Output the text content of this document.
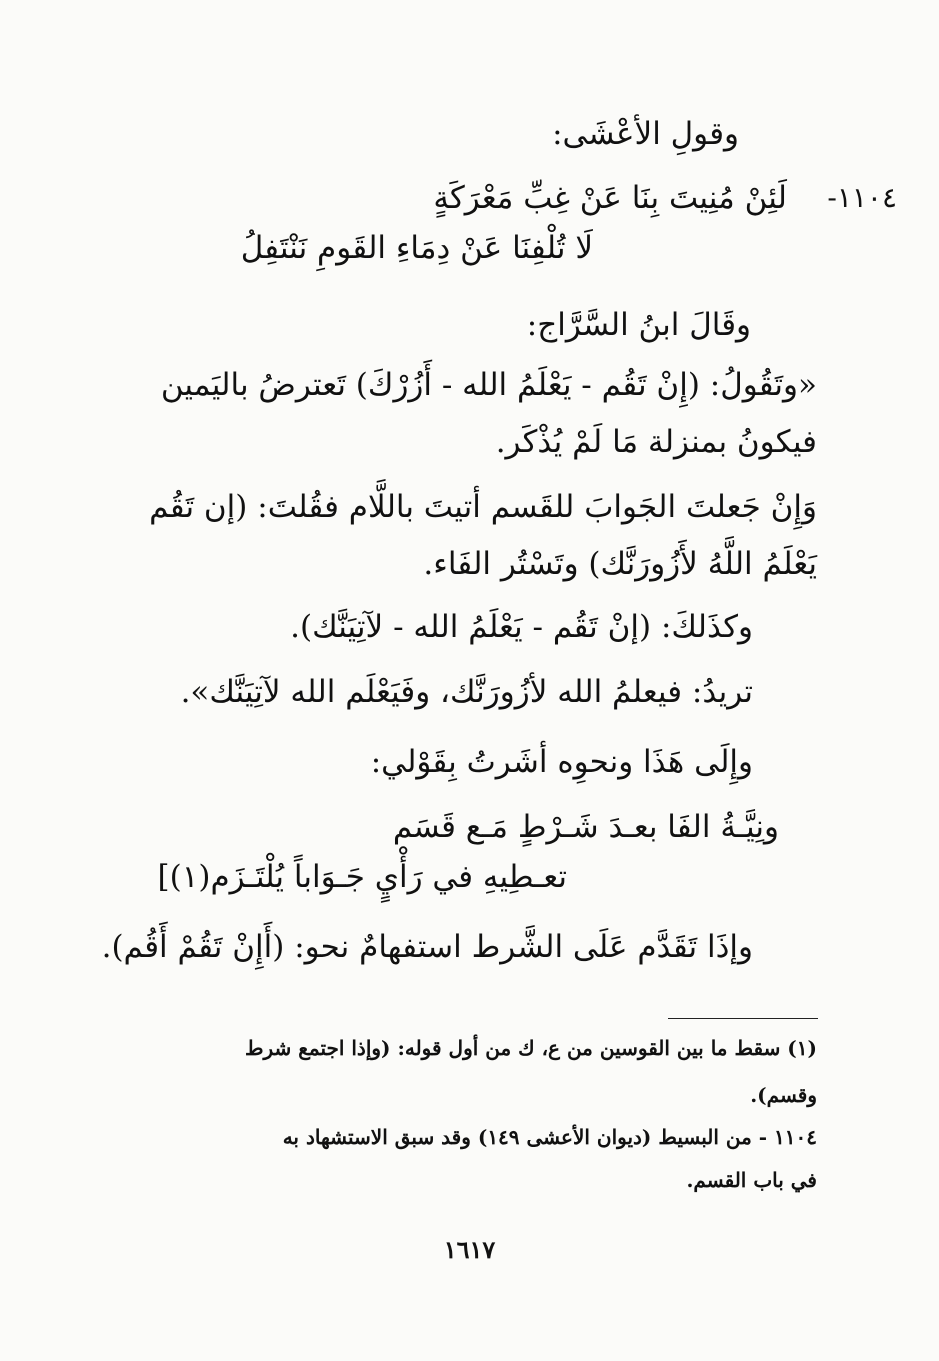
وقولِ الأعْشَى:
١١٠٤-
لَئِنْ مُنِيتَ بِنَا عَنْ غِبِّ مَعْرَكَةٍ
لَا تُلْفِنَا عَنْ دِمَاءِ القَومِ نَنْتَفِلُ
وقَالَ ابنُ السَّرَّاج:
«وتَقُولُ: (إِنْ تَقُم - يَعْلَمُ الله - أَزُرْكَ) تَعترضُ باليَمين
فيكونُ بمنزلة مَا لَمْ يُذْكَر.
وَإِنْ جَعلتَ الجَوابَ للقَسم أتيتَ باللَّام فقُلتَ: (إن تَقُم
يَعْلَمُ اللَّهُ لأَزُورَنَّك) وتَسْتُر الفَاء.
وكذَلكَ: (إنْ تَقُم - يَعْلَمُ الله - لآتِيَنَّك).
تريدُ: فيعلمُ الله لأزُورَنَّك، وفَيَعْلَم الله لآتِيَنَّك».
وإِلَى هَذَا ونحوِه أشَرتُ بِقَوْلي:
ونِيَّـةُ الفَا بعـدَ شَـرْطٍ مَـع قَسَم
تعـطِيهِ في رَأْيٍ جَـوَاباً يُلْتَـزَم(١)]
وإذَا تَقَدَّم عَلَى الشَّرط استفهامٌ نحو: (أَإِنْ تَقُمْ أَقُم).
(١) سقط ما بين القوسين من ع، ك من أول قوله: (وإذا اجتمع شرط
وقسم).
١١٠٤ - من البسيط (ديوان الأعشى ١٤٩) وقد سبق الاستشهاد به
في باب القسم.
١٦١٧
